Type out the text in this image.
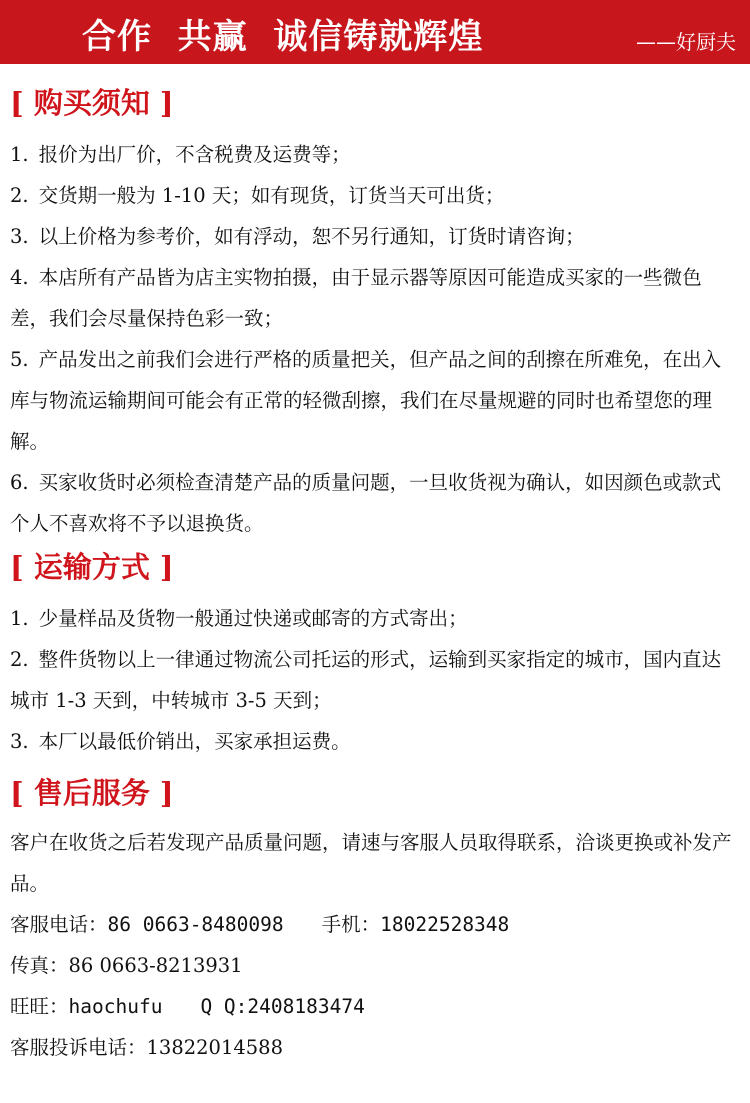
合作  共赢  诚信铸就辉煌	——好厨夫
[ 购买须知 ]
1. 报价为出厂价，不含税费及运费等；
2. 交货期一般为 1-10 天；如有现货，订货当天可出货；
3. 以上价格为参考价，如有浮动，恕不另行通知，订货时请咨询；
4. 本店所有产品皆为店主实物拍摄，由于显示器等原因可能造成买家的一些微色差，我们会尽量保持色彩一致；
5. 产品发出之前我们会进行严格的质量把关，但产品之间的刮擦在所难免，在出入库与物流运输期间可能会有正常的轻微刮擦，我们在尽量规避的同时也希望您的理解。
6. 买家收货时必须检查清楚产品的质量问题，一旦收货视为确认，如因颜色或款式个人不喜欢将不予以退换货。
[ 运输方式 ]
1. 少量样品及货物一般通过快递或邮寄的方式寄出；
2. 整件货物以上一律通过物流公司托运的形式，运输到买家指定的城市，国内直达城市 1-3 天到，中转城市 3-5 天到；
3. 本厂以最低价销出，买家承担运费。
[ 售后服务 ]

客户在收货之后若发现产品质量问题，请速与客服人员取得联系，洽谈更换或补发产品。

客服电话：86 0663-8480098 手机：18022528348

传真：86 0663-8213931

旺旺：haochufu Q Q:2408183474

客服投诉电话：13822014588
